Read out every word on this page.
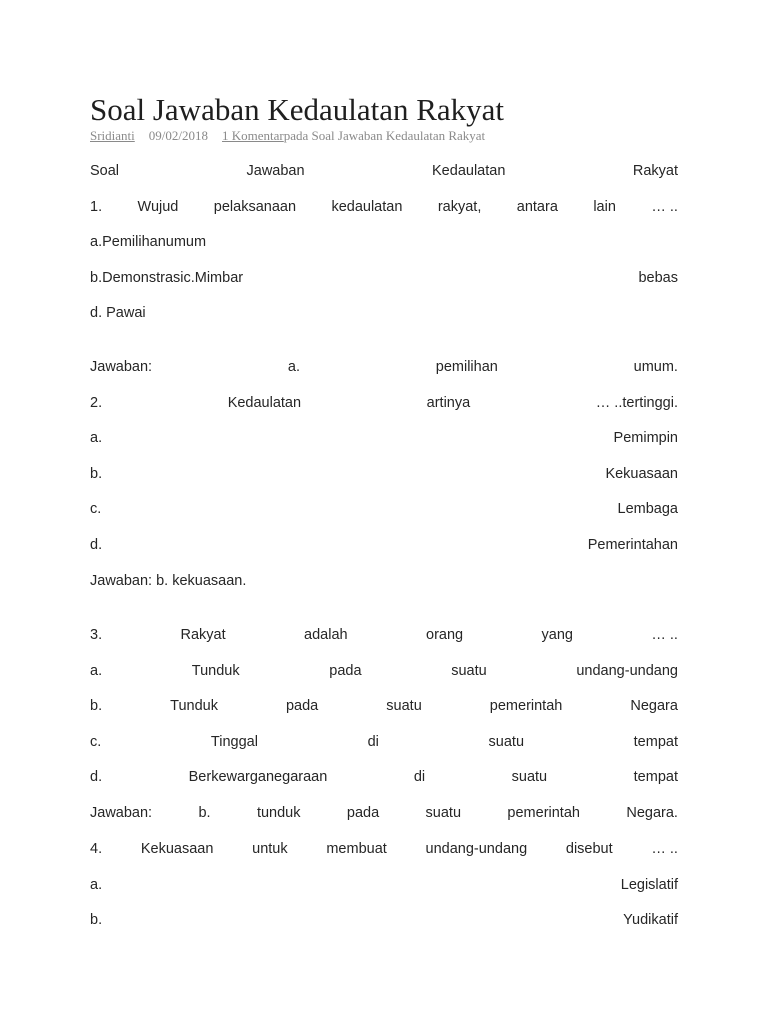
Soal Jawaban Kedaulatan Rakyat
Sridianti 09/02/2018 1 Komentarpada Soal Jawaban Kedaulatan Rakyat
Soal	Jawaban	Kedaulatan	Rakyat
1. Wujud pelaksanaan kedaulatan rakyat, antara lain … ..
a.Pemilihanumum
b.Demonstrasic.Mimbar	bebas
d. Pawai
Jawaban:	a.	pemilihan	umum.
2.	Kedaulatan	artinya	… ..tertinggi.
a.	Pemimpin
b.	Kekuasaan
c.	Lembaga
d.	Pemerintahan
Jawaban: b. kekuasaan.
3.	Rakyat	adalah	orang	yang	… ..
a.	Tunduk	pada	suatu	undang-undang
b.	Tunduk	pada	suatu	pemerintah	Negara
c.	Tinggal	di	suatu	tempat
d.	Berkewarganegaraan	di	suatu	tempat
Jawaban:	b.	tunduk	pada	suatu	pemerintah	Negara.
4.	Kekuasaan	untuk	membuat	undang-undang	disebut	… ..
a.	Legislatif
b.	Yudikatif
